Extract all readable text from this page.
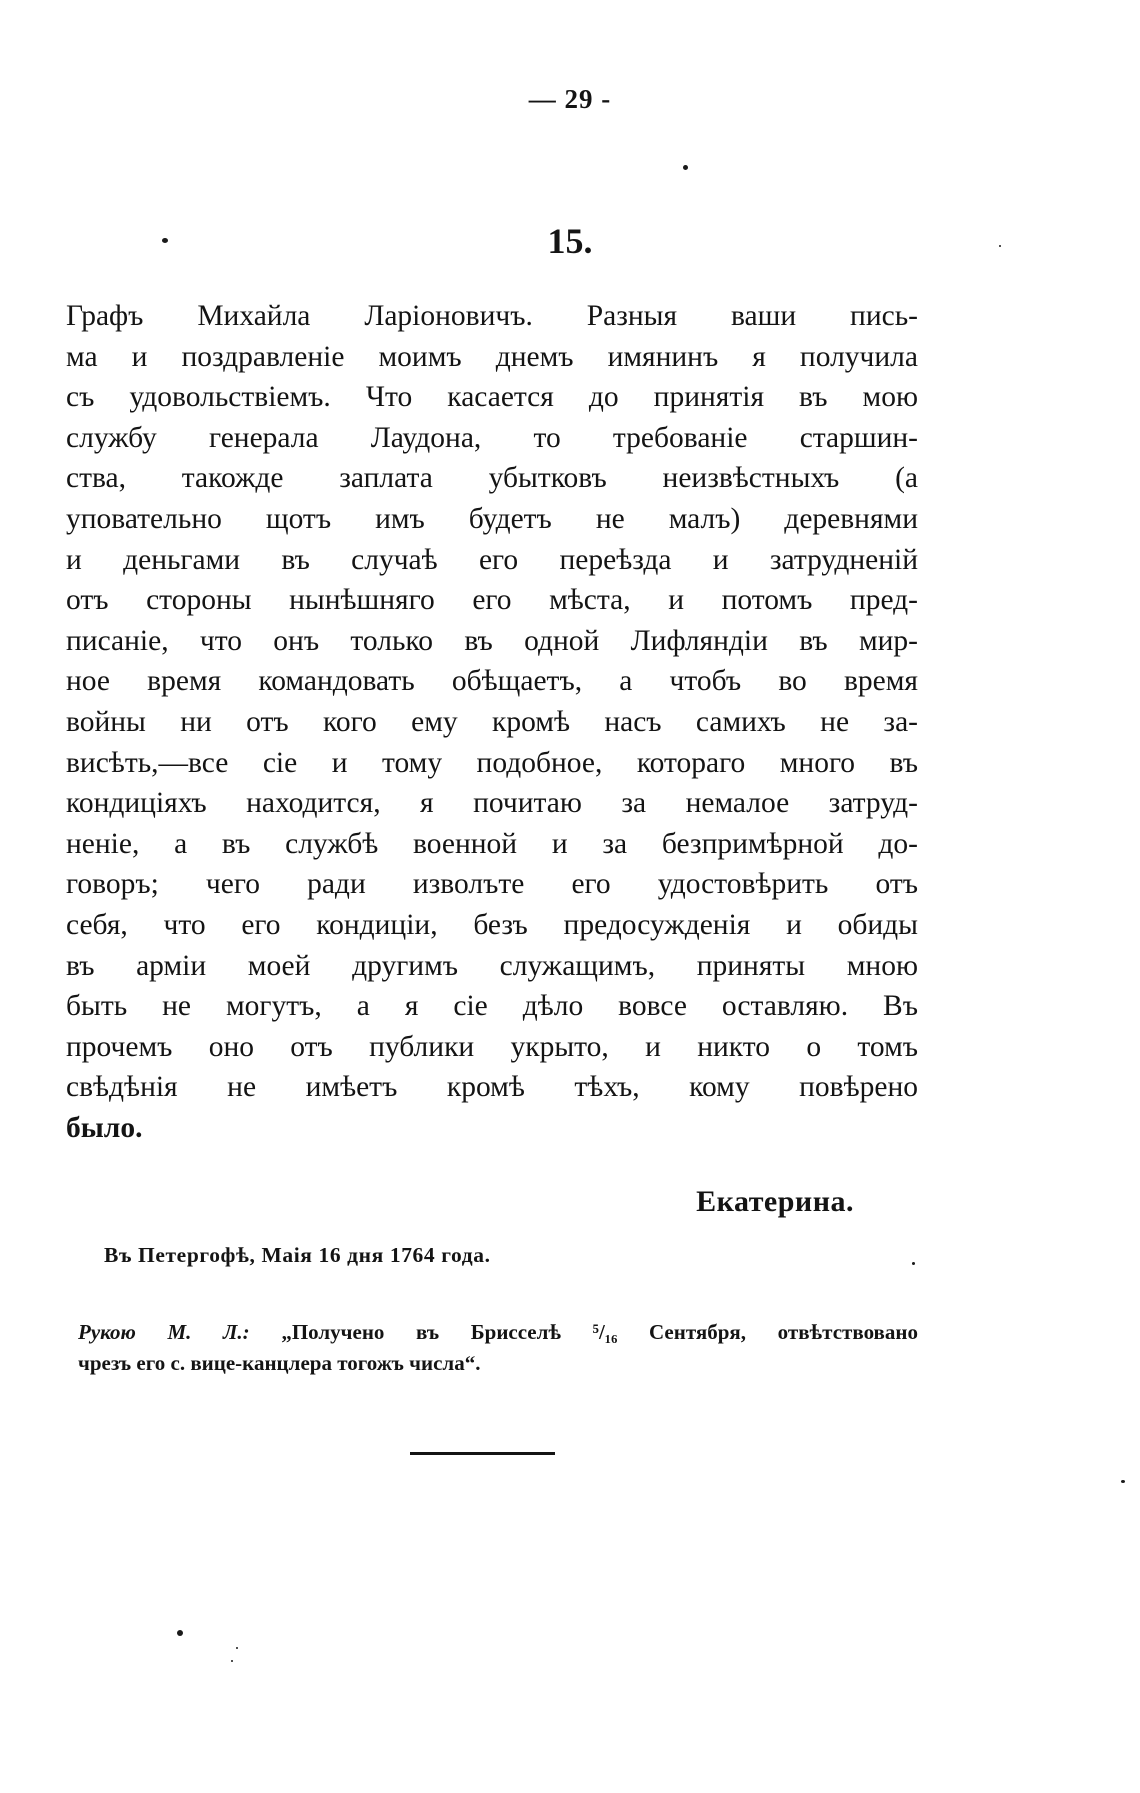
— 29 -
15.
Графъ Михайла Ларіоновичъ. Разныя ваши пись-
ма и поздравленіе моимъ днемъ имянинъ я получила
съ удовольствіемъ. Что касается до принятія въ мою
службу генерала Лаудона, то требованіе старшин-
ства, такожде заплата убытковъ неизвѣстныхъ (а
уповательно щотъ имъ будетъ не малъ) деревнями
и деньгами въ случаѣ его переѣзда и затрудненій
отъ стороны нынѣшняго его мѣста, и потомъ пред-
писаніе, что онъ только въ одной Лифляндіи въ мир-
ное время командовать обѣщаетъ, а чтобъ во время
войны ни отъ кого ему кромѣ насъ самихъ не за-
висѣть,—все сіе и тому подобное, котораго много въ
кондиціяхъ находится, я почитаю за немалое затруд-
неніе, а въ службѣ военной и за безпримѣрной до-
говоръ; чего ради изволъте его удостовѣрить отъ
себя, что его кондиціи, безъ предосужденія и обиды
въ арміи моей другимъ служащимъ, приняты мною
быть не могутъ, а я сіе дѣло вовсе оставляю. Въ
прочемъ оно отъ публики укрыто, и никто о томъ
свѣдѣнія не имѣетъ кромѣ тѣхъ, кому повѣрено
было.
Екатерина.
Въ Петергофѣ, Маія 16 дня 1764 года.
Рукою М. Л.: „Получено въ Брисселѣ ⁵/₁₆ Сентября, отвѣтствовано
чрезъ его с. вице-канцлера тогожъ числа“.
